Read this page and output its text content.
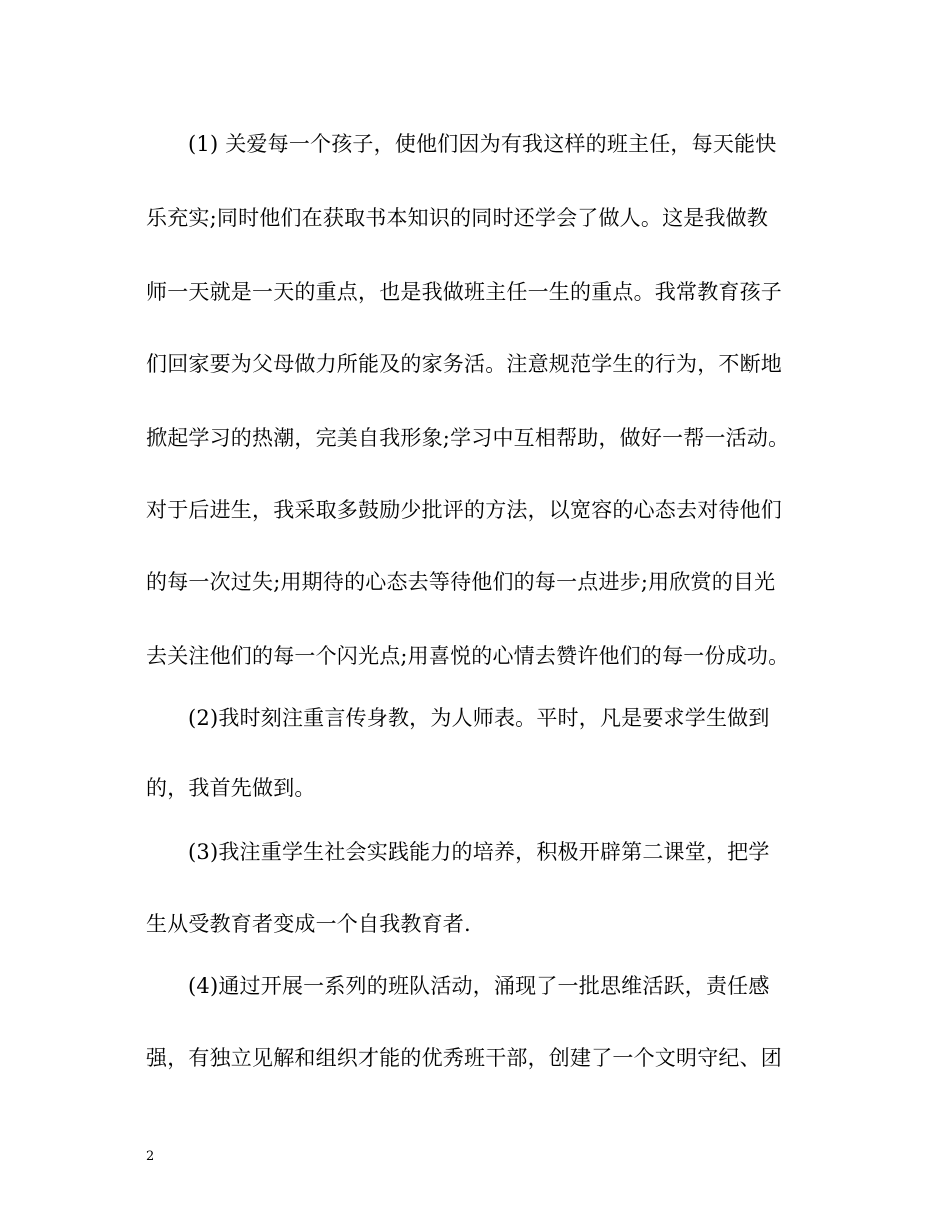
(1) 关爱每一个孩子，使他们因为有我这样的班主任，每天能快
乐充实;同时他们在获取书本知识的同时还学会了做人。这是我做教
师一天就是一天的重点，也是我做班主任一生的重点。我常教育孩子
们回家要为父母做力所能及的家务活。注意规范学生的行为，不断地
掀起学习的热潮，完美自我形象;学习中互相帮助，做好一帮一活动。
对于后进生，我采取多鼓励少批评的方法，以宽容的心态去对待他们
的每一次过失;用期待的心态去等待他们的每一点进步;用欣赏的目光
去关注他们的每一个闪光点;用喜悦的心情去赞许他们的每一份成功。
(2)我时刻注重言传身教，为人师表。平时，凡是要求学生做到
的，我首先做到。
(3)我注重学生社会实践能力的培养，积极开辟第二课堂，把学
生从受教育者变成一个自我教育者.
(4)通过开展一系列的班队活动，涌现了一批思维活跃，责任感
强，有独立见解和组织才能的优秀班干部，创建了一个文明守纪、团
2
